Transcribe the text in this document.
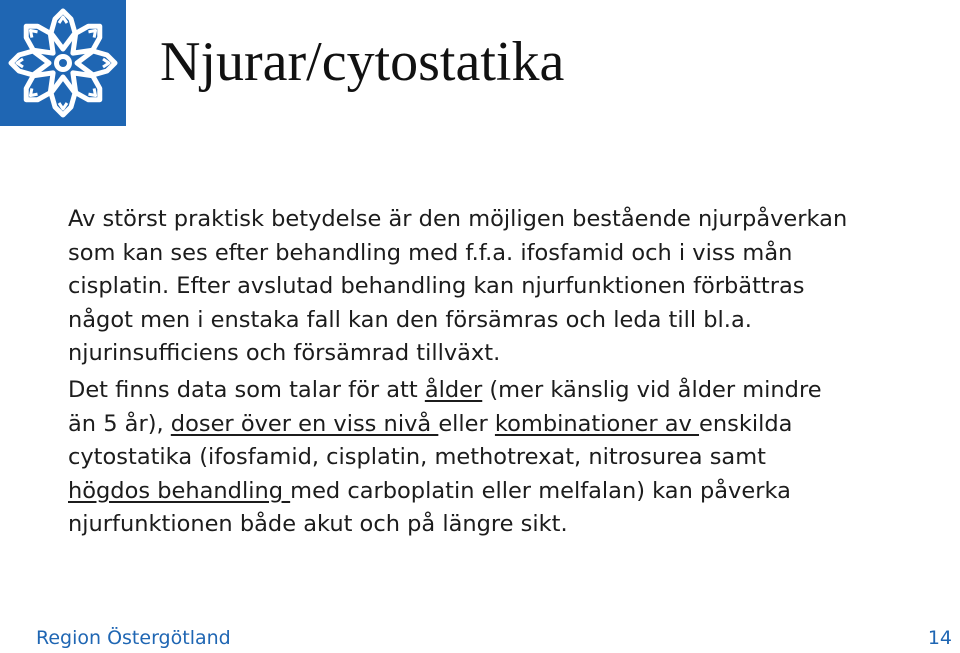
Njurar/cytostatika

Av störst praktisk betydelse är den möjligen bestående njurpåverkan
som kan ses efter behandling med f.f.a. ifosfamid och i viss mån
cisplatin. Efter avslutad behandling kan njurfunktionen förbättras
något men i enstaka fall kan den försämras och leda till bl.a.
njurinsufficiens och försämrad tillväxt.

Det finns data som talar för att ålder (mer känslig vid ålder mindre
än 5 år), doser över en viss nivå eller kombinationer av enskilda
cytostatika (ifosfamid, cisplatin, methotrexat, nitrosurea samt
högdos behandling med carboplatin eller melfalan) kan påverka
njurfunktionen både akut och på längre sikt.

Region Östergötland	14
